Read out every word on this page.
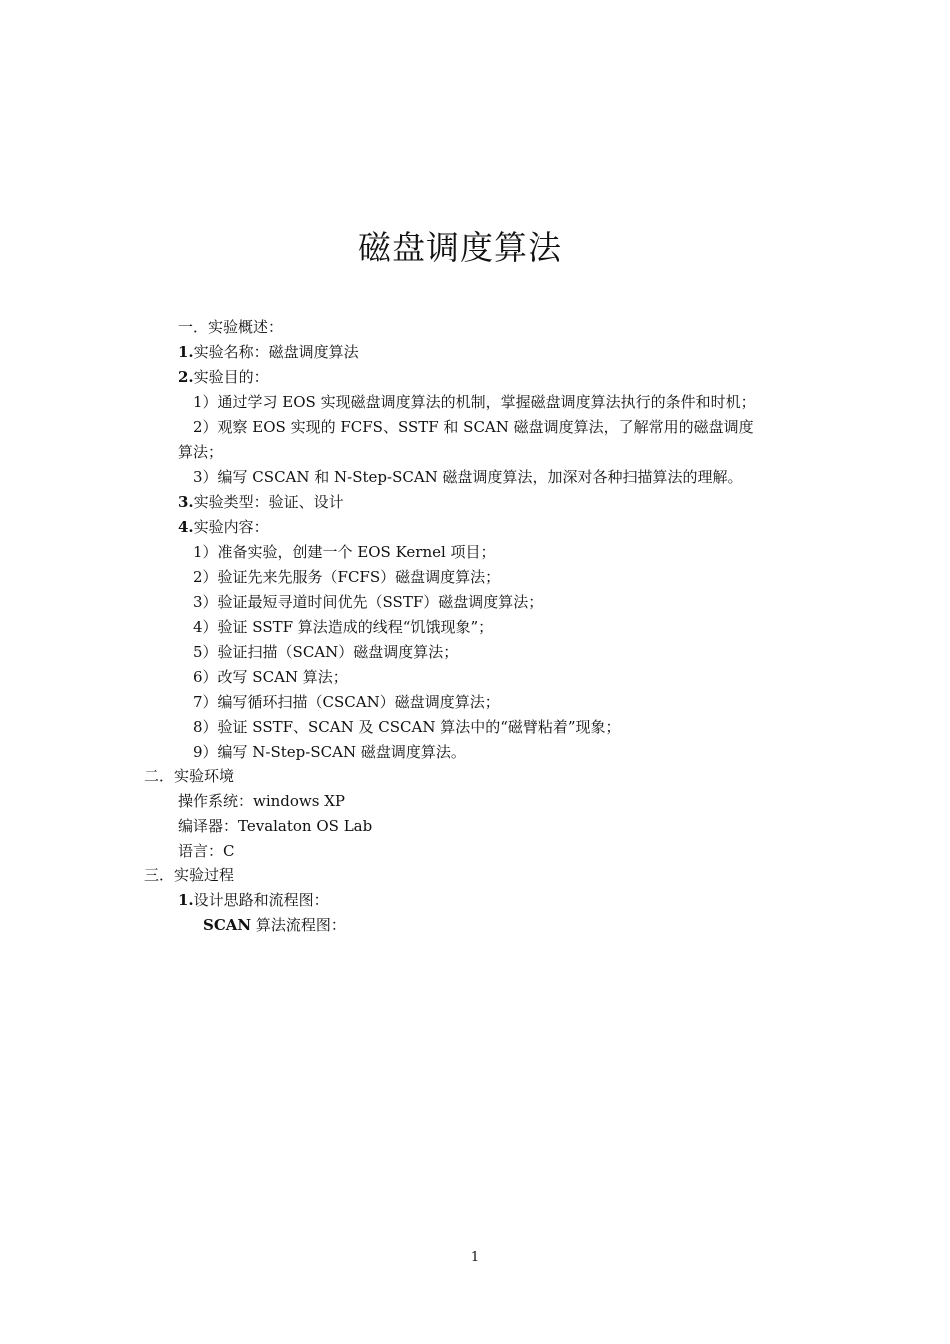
磁盘调度算法
一．实验概述：
1.实验名称：磁盘调度算法
2.实验目的：
1）通过学习 EOS 实现磁盘调度算法的机制，掌握磁盘调度算法执行的条件和时机；
2）观察 EOS 实现的 FCFS、SSTF 和 SCAN 磁盘调度算法，了解常用的磁盘调度
算法；
3）编写 CSCAN 和 N-Step-SCAN 磁盘调度算法，加深对各种扫描算法的理解。
3.实验类型：验证、设计
4.实验内容：
1）准备实验，创建一个 EOS Kernel 项目；
2）验证先来先服务（FCFS）磁盘调度算法；
3）验证最短寻道时间优先（SSTF）磁盘调度算法；
4）验证 SSTF 算法造成的线程“饥饿现象”；
5）验证扫描（SCAN）磁盘调度算法；
6）改写 SCAN 算法；
7）编写循环扫描（CSCAN）磁盘调度算法；
8）验证 SSTF、SCAN 及 CSCAN 算法中的“磁臂粘着”现象；
9）编写 N-Step-SCAN 磁盘调度算法。
二．实验环境
操作系统：windows XP
编译器：Tevalaton OS Lab
语言：C
三．实验过程
1.设计思路和流程图：
SCAN 算法流程图：
1
